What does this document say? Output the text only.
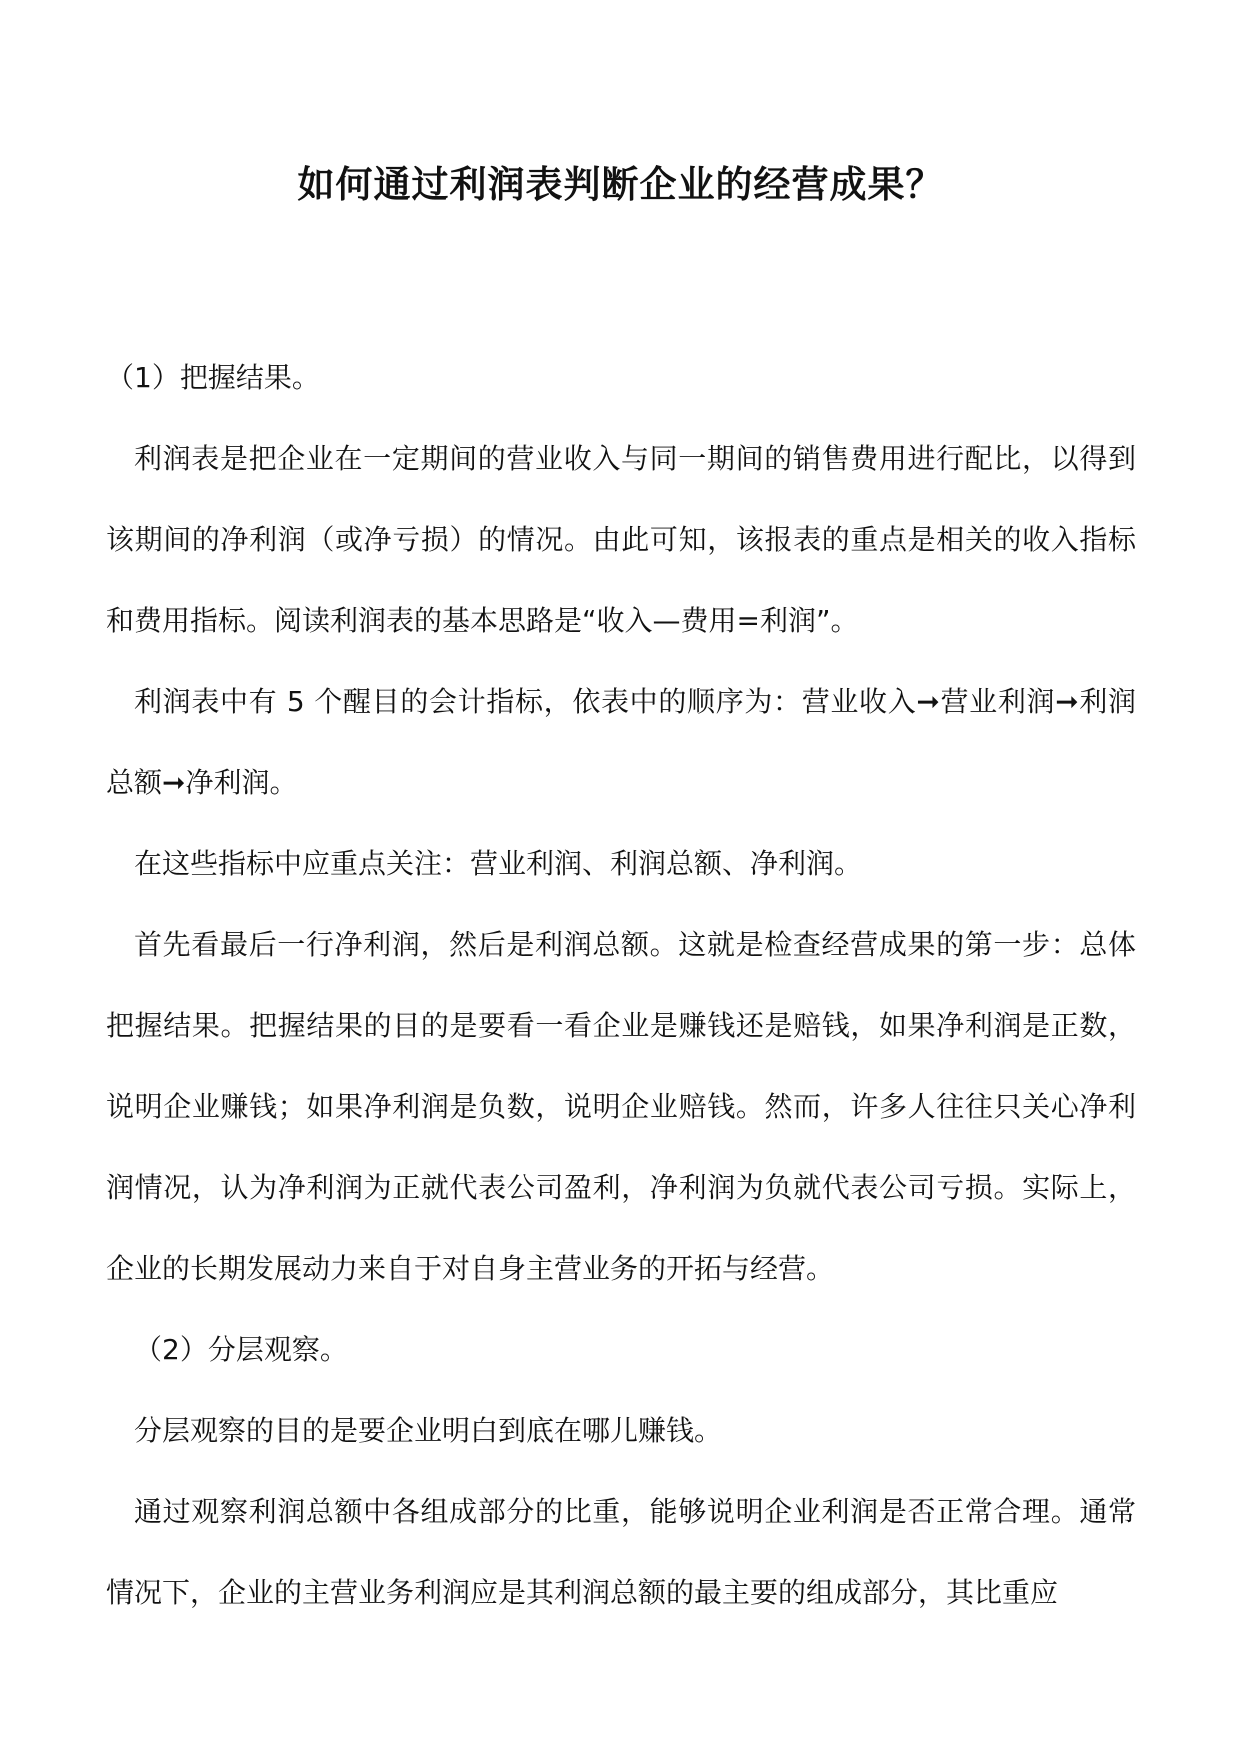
如何通过利润表判断企业的经营成果？

（1）把握结果。

利润表是把企业在一定期间的营业收入与同一期间的销售费用进行配比，以得到该期间的净利润（或净亏损）的情况。由此可知，该报表的重点是相关的收入指标和费用指标。阅读利润表的基本思路是“收入—费用=利润”。

利润表中有 5 个醒目的会计指标，依表中的顺序为：营业收入➞营业利润➞利润总额➞净利润。

在这些指标中应重点关注：营业利润、利润总额、净利润。

首先看最后一行净利润，然后是利润总额。这就是检查经营成果的第一步：总体把握结果。把握结果的目的是要看一看企业是赚钱还是赔钱，如果净利润是正数，说明企业赚钱；如果净利润是负数，说明企业赔钱。然而，许多人往往只关心净利润情况，认为净利润为正就代表公司盈利，净利润为负就代表公司亏损。实际上，企业的长期发展动力来自于对自身主营业务的开拓与经营。

（2）分层观察。

分层观察的目的是要企业明白到底在哪儿赚钱。

通过观察利润总额中各组成部分的比重，能够说明企业利润是否正常合理。通常情况下，企业的主营业务利润应是其利润总额的最主要的组成部分，其比重应
